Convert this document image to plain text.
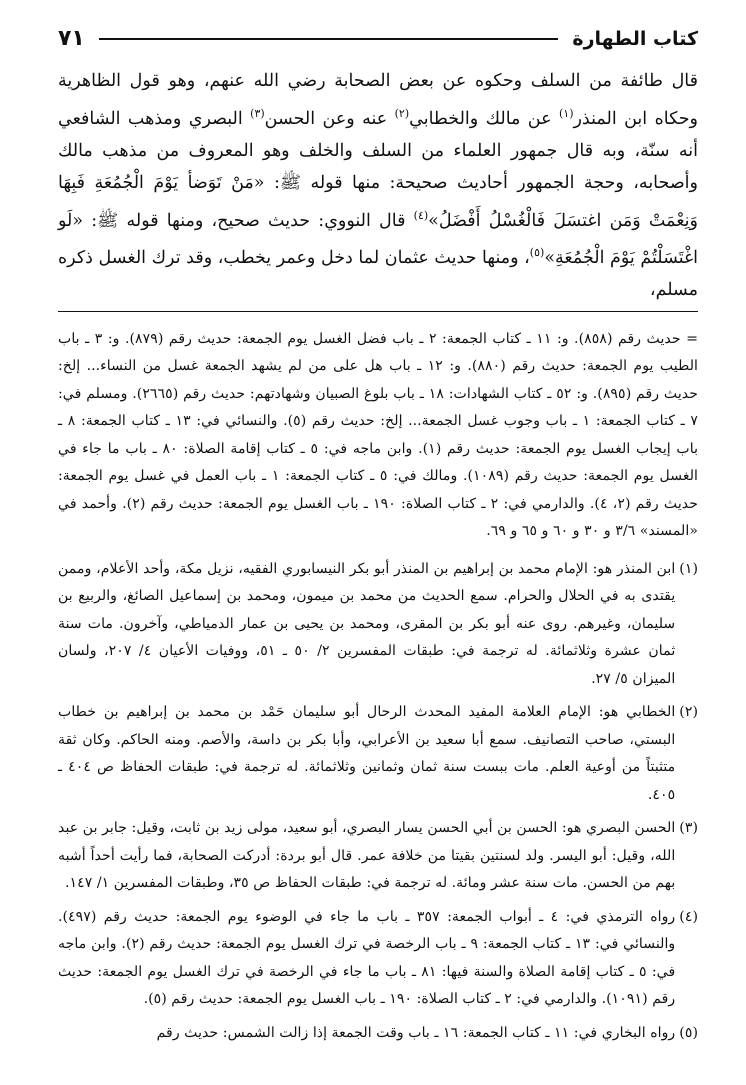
كتاب الطهارة
٧١

قال طائفة من السلف وحكوه عن بعض الصحابة رضي الله عنهم، وهو قول الظاهرية وحكاه ابن المنذر$^{(١)}$ عن مالك والخطابي$^{(٢)}$ عنه وعن الحسن$^{(٣)}$ البصري ومذهب الشافعي أنه سنّة، وبه قال جمهور العلماء من السلف والخلف وهو المعروف من مذهب مالك وأصحابه، وحجة الجمهور أحاديث صحيحة: منها قوله ﷺ: «مَنْ تَوَضأ يَوْمَ الْجُمُعَةِ فَبِهَا وَنِعْمَتْ وَمَن اغتسَلَ فَالْغُسْلُ أَفْضَلُ»$^{(٤)}$ قال النووي: حديث صحيح، ومنها قوله ﷺ: «لَو اغْتَسَلْتُمْ يَوْمَ الْجُمُعَةِ»$^{(٥)}$، ومنها حديث عثمان لما دخل وعمر يخطب، وقد ترك الغسل ذكره مسلم،

= حديث رقم (٨٥٨). و: ١١ ـ كتاب الجمعة: ٢ ـ باب فضل الغسل يوم الجمعة: حديث رقم (٨٧٩). و: ٣ ـ باب الطيب يوم الجمعة: حديث رقم (٨٨٠). و: ١٢ ـ باب هل على من لم يشهد الجمعة غسل من النساء... إلخ: حديث رقم (٨٩٥). و: ٥٢ ـ كتاب الشهادات: ١٨ ـ باب بلوغ الصبيان وشهادتهم: حديث رقم (٢٦٦٥). ومسلم في: ٧ ـ كتاب الجمعة: ١ ـ باب وجوب غسل الجمعة... إلخ: حديث رقم (٥). والنسائي في: ١٣ ـ كتاب الجمعة: ٨ ـ باب إيجاب الغسل يوم الجمعة: حديث رقم (١). وابن ماجه في: ٥ ـ كتاب إقامة الصلاة: ٨٠ ـ باب ما جاء في الغسل يوم الجمعة: حديث رقم (١٠٨٩). ومالك في: ٥ ـ كتاب الجمعة: ١ ـ باب العمل في غسل يوم الجمعة: حديث رقم (٢، ٤). والدارمي في: ٢ ـ كتاب الصلاة: ١٩٠ ـ باب الغسل يوم الجمعة: حديث رقم (٢). وأحمد في «المسند» ٣/٦ و ٣٠ و ٦٠ و ٦٥ و ٦٩.

(١)
ابن المنذر هو: الإمام محمد بن إبراهيم بن المنذر أبو بكر النيسابوري الفقيه، نزيل مكة، وأحد الأعلام، وممن يقتدى به في الحلال والحرام. سمع الحديث من محمد بن ميمون، ومحمد بن إسماعيل الصائغ، والربيع بن سليمان، وغيرهم. روى عنه أبو بكر بن المقرى، ومحمد بن يحيى بن عمار الدمياطي، وآخرون. مات سنة ثمان عشرة وثلاثمائة. له ترجمة في: طبقات المفسرين ٢/ ٥٠ ـ ٥١، ووفيات الأعيان ٤/ ٢٠٧، ولسان الميزان ٥/ ٢٧.
(٢)
الخطابي هو: الإمام العلامة المفيد المحدث الرحال أبو سليمان حَمْد بن محمد بن إبراهيم بن خطاب البستي، صاحب التصانيف. سمع أبا سعيد بن الأعرابي، وأبا بكر بن داسة، والأصم. ومنه الحاكم. وكان ثقة متثبتاً من أوعية العلم. مات ببست سنة ثمان وثمانين وثلاثمائة. له ترجمة في: طبقات الحفاظ ص ٤٠٤ ـ ٤٠٥.
(٣)
الحسن البصري هو: الحسن بن أبي الحسن يسار البصري، أبو سعيد، مولى زيد بن ثابت، وقيل: جابر بن عبد الله، وقيل: أبو اليسر. ولد لسنتين بقيتا من خلافة عمر. قال أبو بردة: أدركت الصحابة، فما رأيت أحداً أشبه بهم من الحسن. مات سنة عشر ومائة. له ترجمة في: طبقات الحفاظ ص ٣٥، وطبقات المفسرين ١/ ١٤٧.
(٤)
رواه الترمذي في: ٤ ـ أبواب الجمعة: ٣٥٧ ـ باب ما جاء في الوضوء يوم الجمعة: حديث رقم (٤٩٧). والنسائي في: ١٣ ـ كتاب الجمعة: ٩ ـ باب الرخصة في ترك الغسل يوم الجمعة: حديث رقم (٢). وابن ماجه في: ٥ ـ كتاب إقامة الصلاة والسنة فيها: ٨١ ـ باب ما جاء في الرخصة في ترك الغسل يوم الجمعة: حديث رقم (١٠٩١). والدارمي في: ٢ ـ كتاب الصلاة: ١٩٠ ـ باب الغسل يوم الجمعة: حديث رقم (٥).
(٥)
رواه البخاري في: ١١ ـ كتاب الجمعة: ١٦ ـ باب وقت الجمعة إذا زالت الشمس: حديث رقم
